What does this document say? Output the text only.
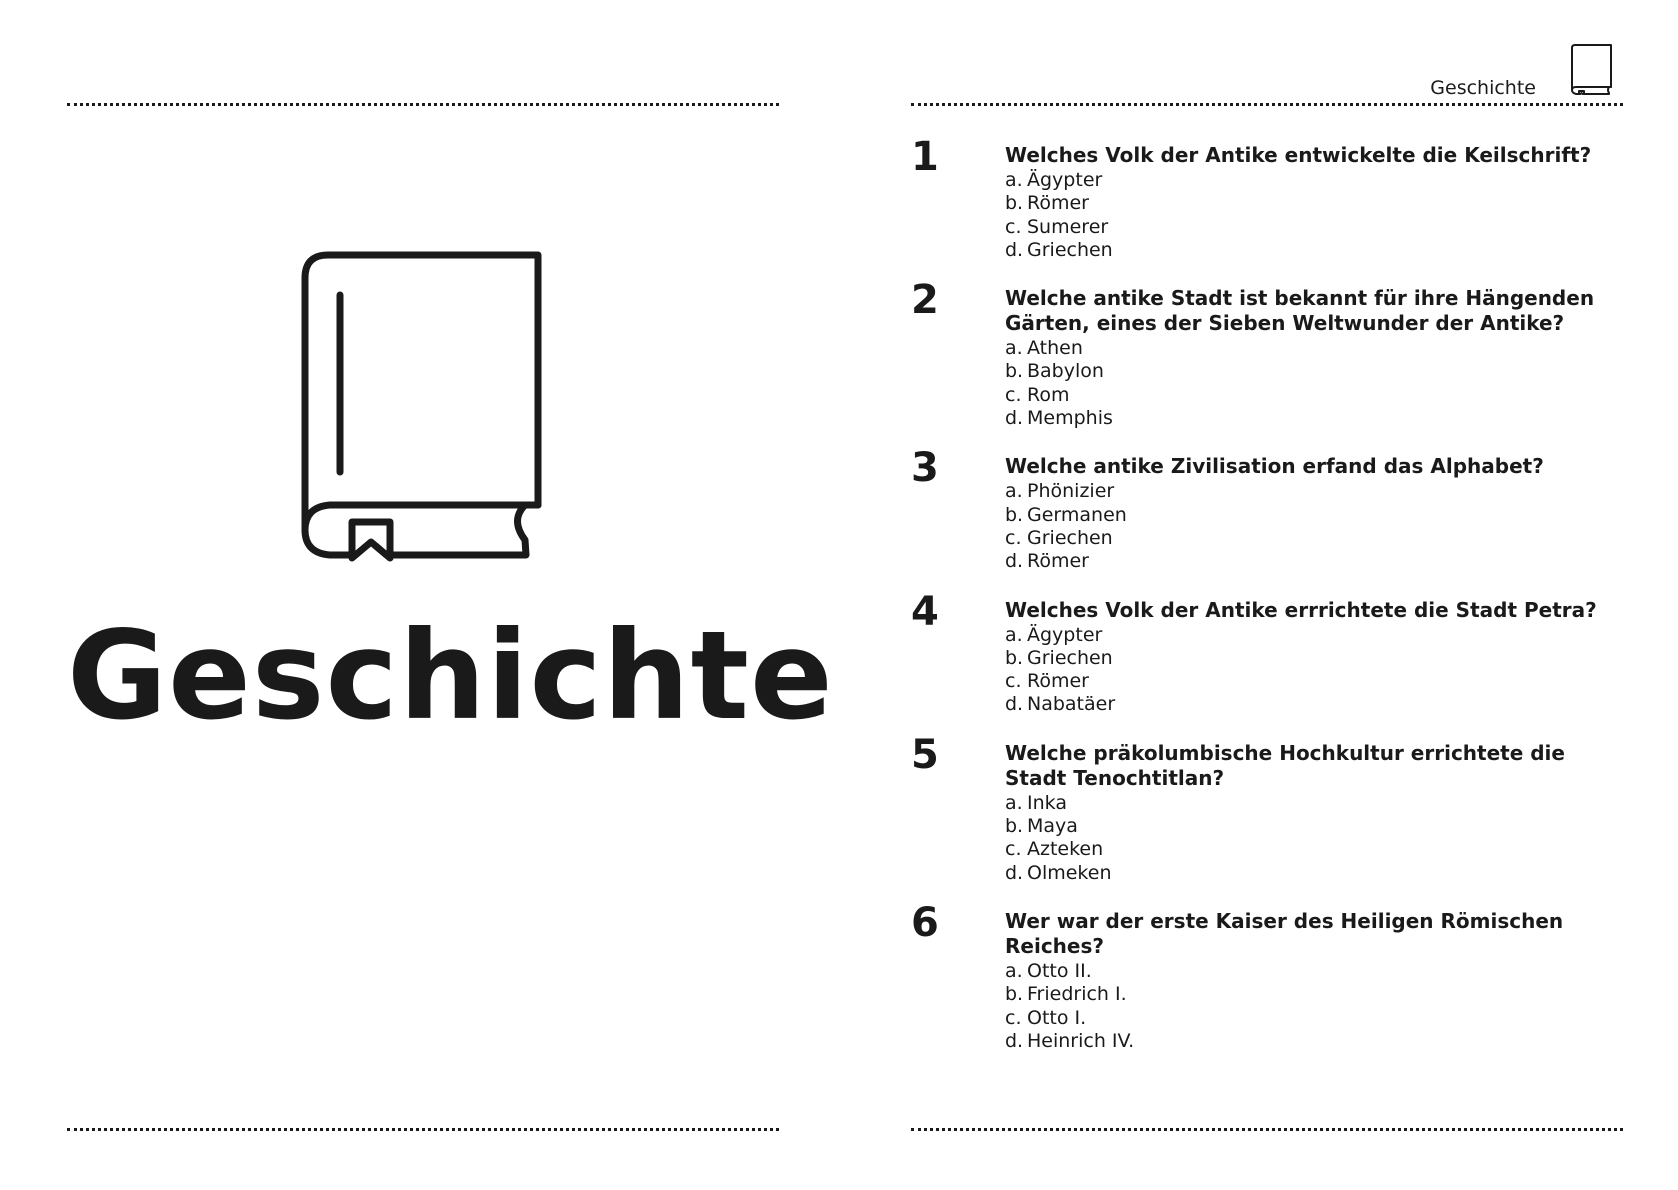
Geschichte
Geschichte
1	Welches Volk der Antike entwickelte die Keilschrift?
a. Ägypter
b. Römer
c. Sumerer
d. Griechen
2	Welche antike Stadt ist bekannt für ihre Hängenden Gärten, eines der Sieben Weltwunder der Antike?
a. Athen
b. Babylon
c. Rom
d. Memphis
3	Welche antike Zivilisation erfand das Alphabet?
a. Phönizier
b. Germanen
c. Griechen
d. Römer
4	Welches Volk der Antike errrichtete die Stadt Petra?
a. Ägypter
b. Griechen
c. Römer
d. Nabatäer
5	Welche präkolumbische Hochkultur errichtete die Stadt Tenochtitlan?
a. Inka
b. Maya
c. Azteken
d. Olmeken
6	Wer war der erste Kaiser des Heiligen Römischen Reiches?
a. Otto II.
b. Friedrich I.
c. Otto I.
d. Heinrich IV.
